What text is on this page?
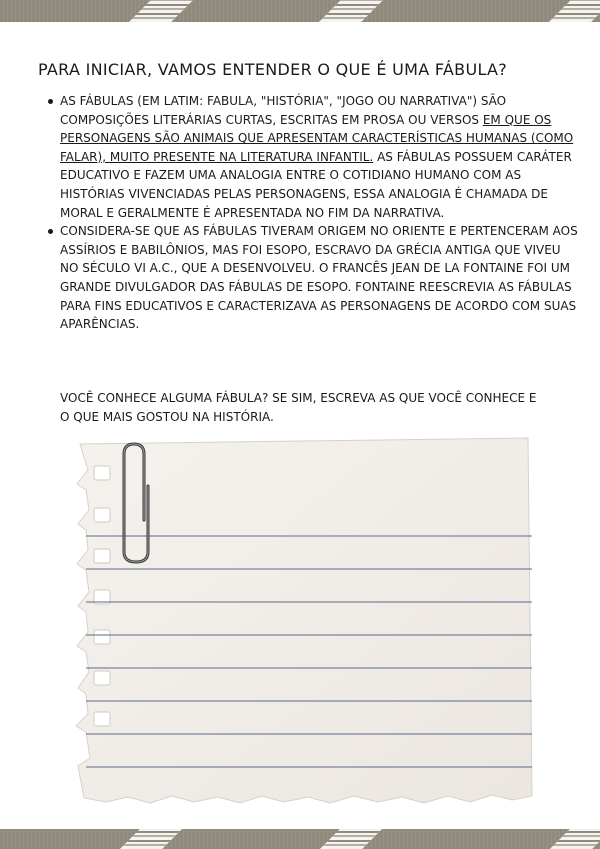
PARA INICIAR, VAMOS ENTENDER O QUE É UMA FÁBULA?
AS FÁBULAS (EM LATIM: FABULA, "HISTÓRIA", "JOGO OU NARRATIVA") SÃO COMPOSIÇÕES LITERÁRIAS CURTAS, ESCRITAS EM PROSA OU VERSOS EM QUE OS PERSONAGENS SÃO ANIMAIS QUE APRESENTAM CARACTERÍSTICAS HUMANAS (COMO FALAR), MUITO PRESENTE NA LITERATURA INFANTIL. AS FÁBULAS POSSUEM CARÁTER EDUCATIVO E FAZEM UMA ANALOGIA ENTRE O COTIDIANO HUMANO COM AS HISTÓRIAS VIVENCIADAS PELAS PERSONAGENS, ESSA ANALOGIA É CHAMADA DE MORAL E GERALMENTE É APRESENTADA NO FIM DA NARRATIVA.
CONSIDERA-SE QUE AS FÁBULAS TIVERAM ORIGEM NO ORIENTE E PERTENCERAM AOS ASSÍRIOS E BABILÔNIOS, MAS FOI ESOPO, ESCRAVO DA GRÉCIA ANTIGA QUE VIVEU NO SÉCULO VI A.C., QUE A DESENVOLVEU. O FRANCÊS JEAN DE LA FONTAINE FOI UM GRANDE DIVULGADOR DAS FÁBULAS DE ESOPO. FONTAINE REESCREVIA AS FÁBULAS PARA FINS EDUCATIVOS E CARACTERIZAVA AS PERSONAGENS DE ACORDO COM SUAS APARÊNCIAS.
VOCÊ CONHECE ALGUMA FÁBULA? SE SIM, ESCREVA AS QUE VOCÊ CONHECE E O QUE MAIS GOSTOU NA HISTÓRIA.
